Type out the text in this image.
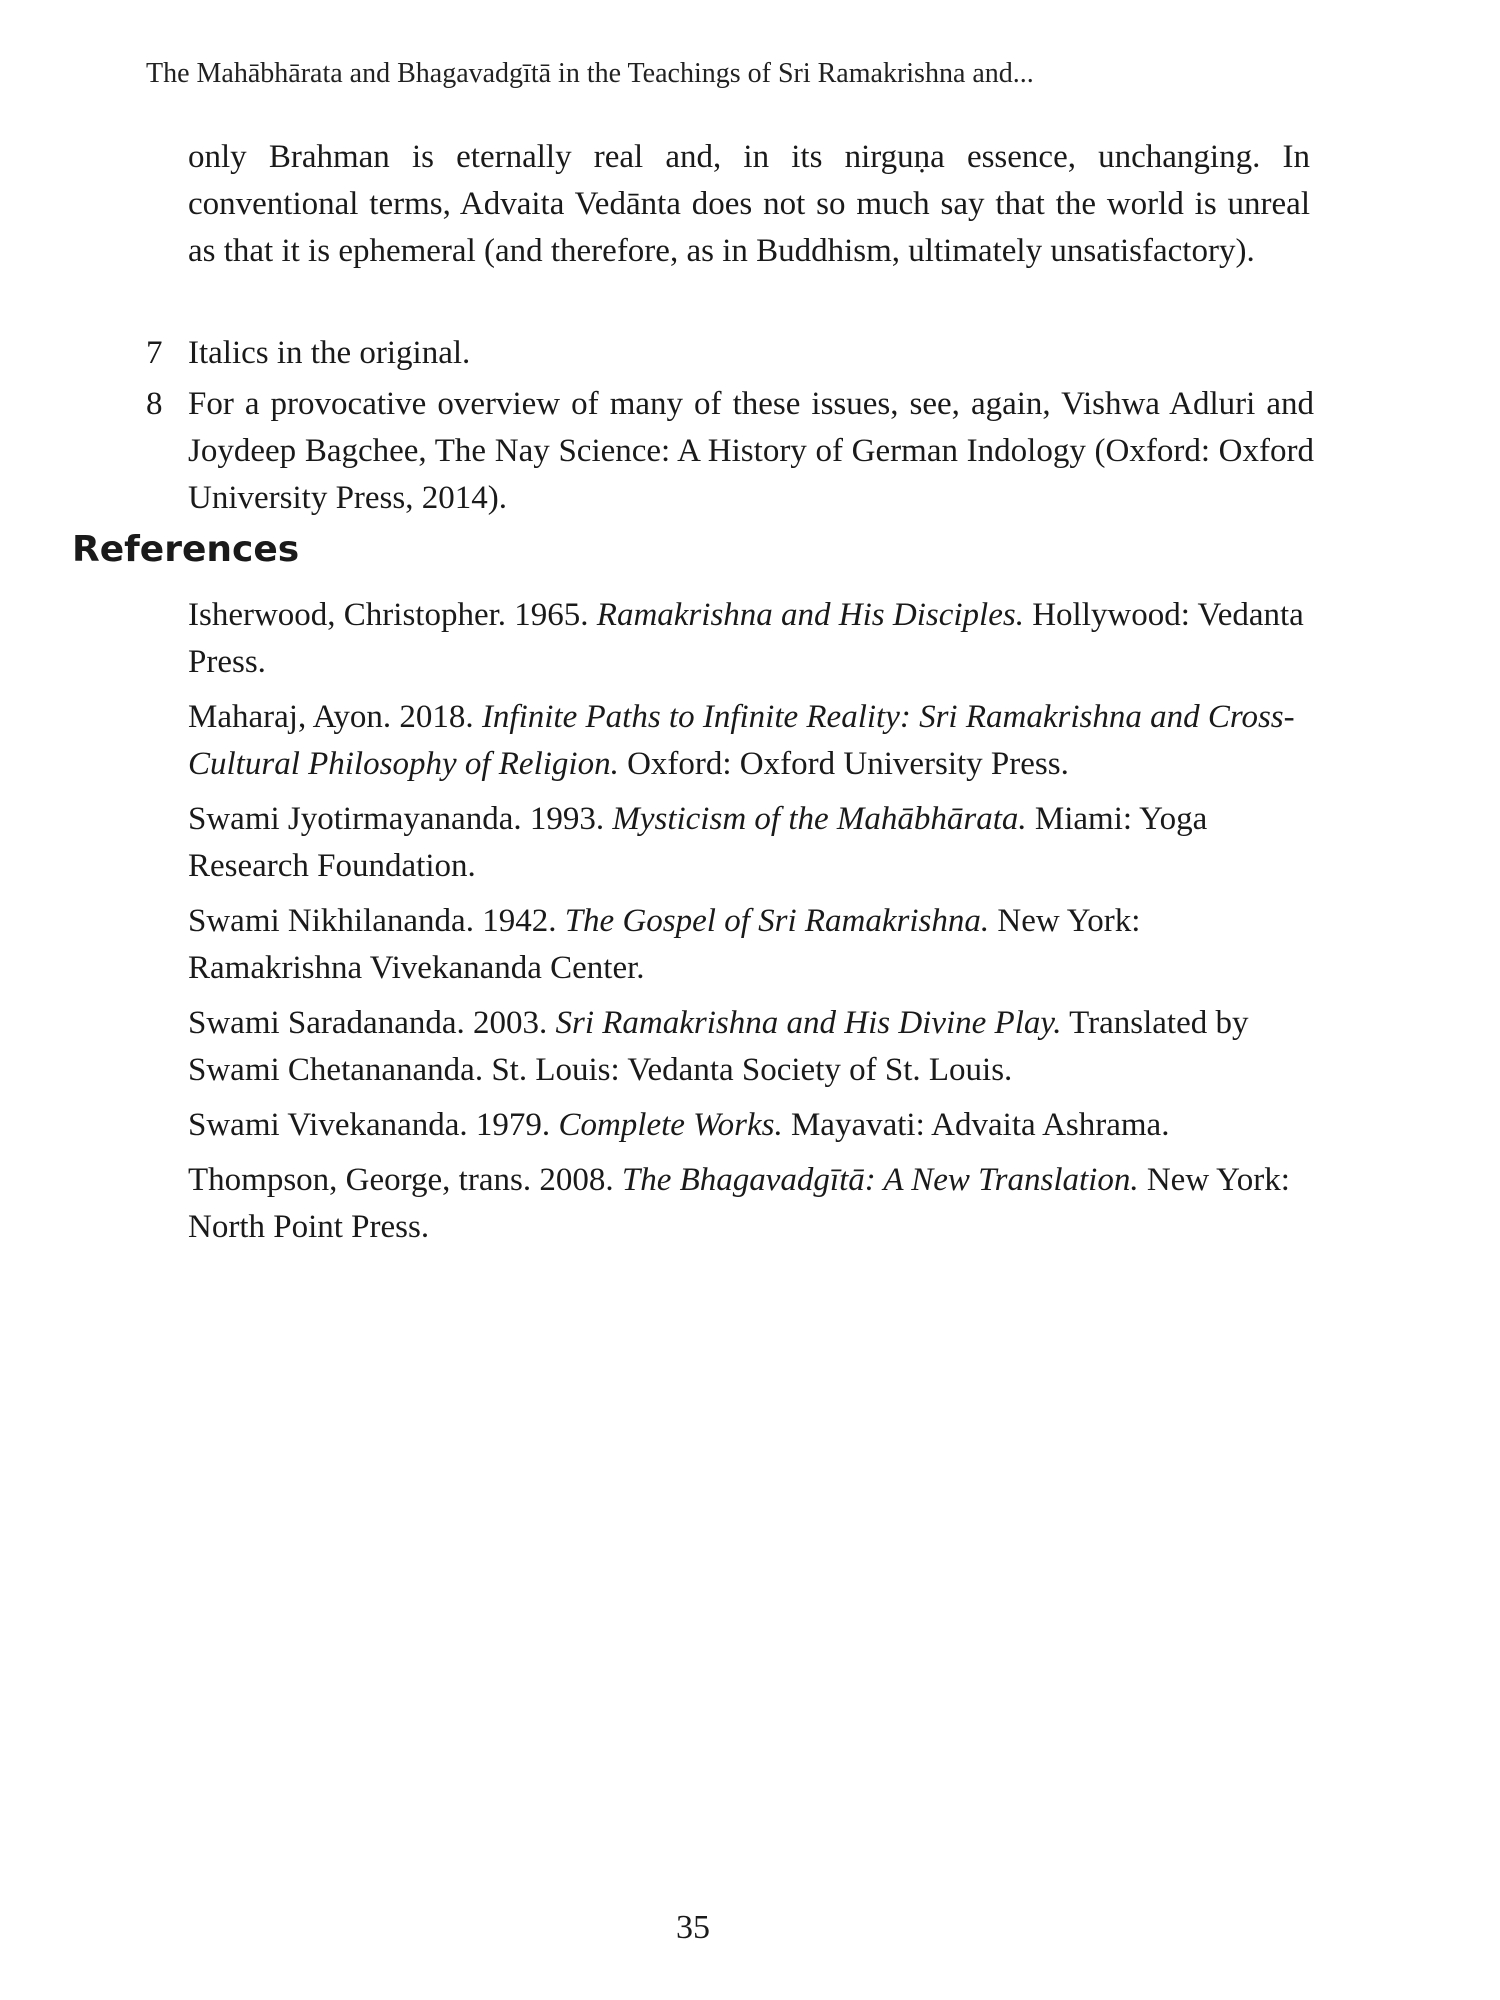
The Mahābhārata and Bhagavadgītā in the Teachings of Sri Ramakrishna and...

only Brahman is eternally real and, in its nirguṇa essence, unchanging. In conventional terms, Advaita Vedānta does not so much say that the world is unreal as that it is ephemeral (and therefore, as in Buddhism, ultimately unsatisfactory).

7 Italics in the original.
8 For a provocative overview of many of these issues, see, again, Vishwa Adluri and Joydeep Bagchee, The Nay Science: A History of German Indology (Oxford: Oxford University Press, 2014).
References
Isherwood, Christopher. 1965. Ramakrishna and His Disciples. Hollywood: Vedanta Press.
Maharaj, Ayon. 2018. Infinite Paths to Infinite Reality: Sri Ramakrishna and Cross-Cultural Philosophy of Religion. Oxford: Oxford University Press.
Swami Jyotirmayananda. 1993. Mysticism of the Mahābhārata. Miami: Yoga Research Foundation.
Swami Nikhilananda. 1942. The Gospel of Sri Ramakrishna. New York: Ramakrishna Vivekananda Center.
Swami Saradananda. 2003. Sri Ramakrishna and His Divine Play. Translated by Swami Chetanananda. St. Louis: Vedanta Society of St. Louis.
Swami Vivekananda. 1979. Complete Works. Mayavati: Advaita Ashrama.
Thompson, George, trans. 2008. The Bhagavadgītā: A New Translation. New York: North Point Press.
35
